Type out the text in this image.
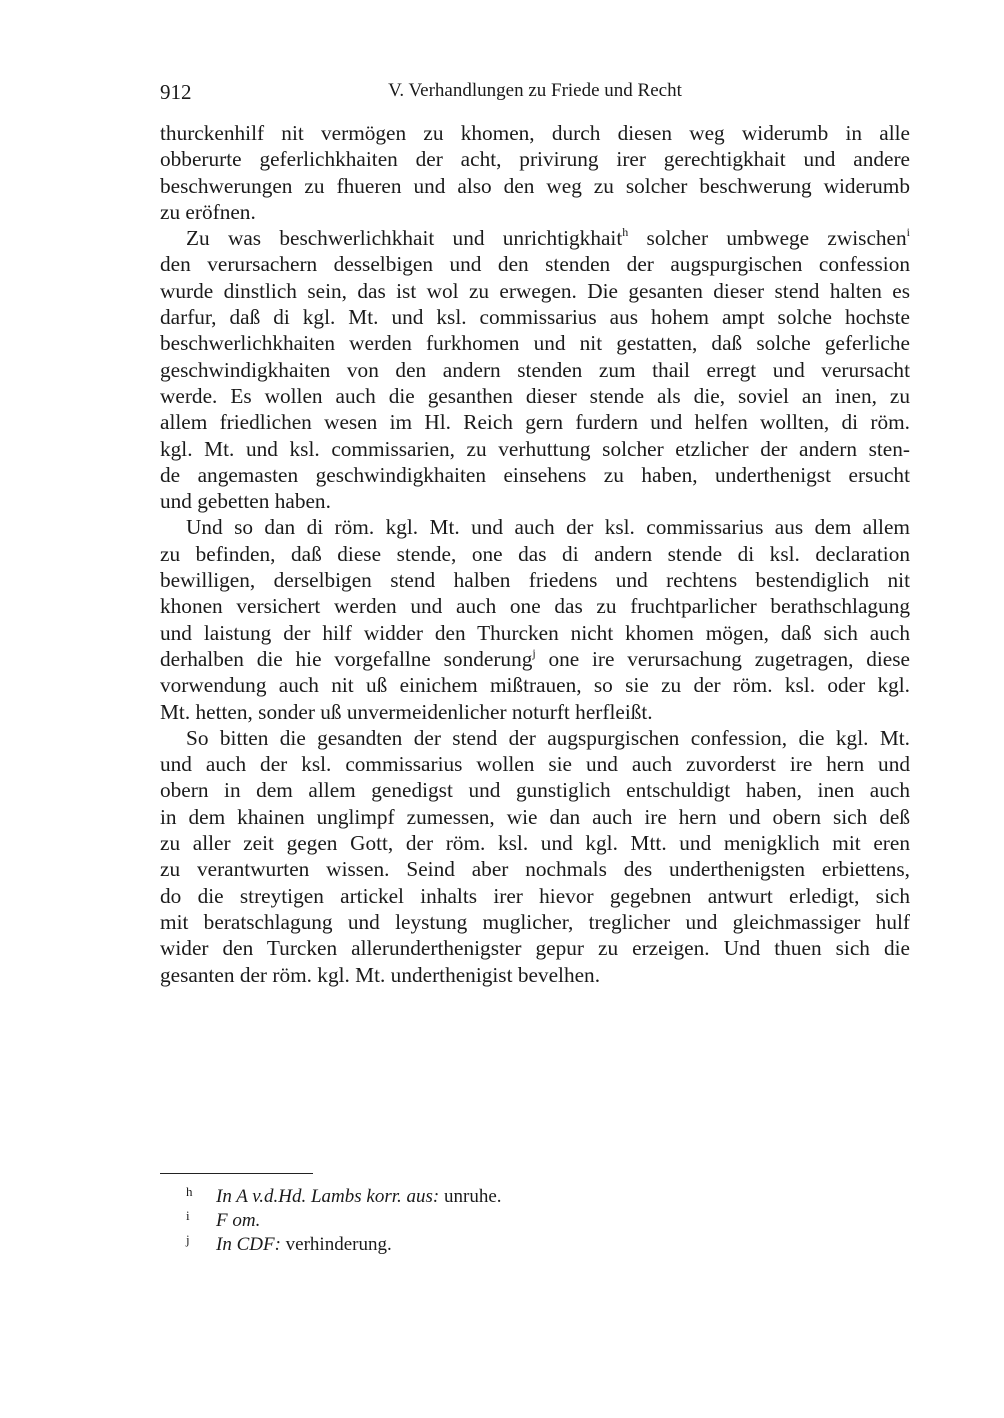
912	V. Verhandlungen zu Friede und Recht
thurckenhilf nit vermögen zu khomen, durch diesen weg widerumb in alle
obberurte geferlichkhaiten der acht, privirung irer gerechtigkhait und andere
beschwerungen zu fhueren und also den weg zu solcher beschwerung widerumb
zu eröfnen.
Zu was beschwerlichkhait und unrichtigkhait$^h$ solcher umbwege zwischen$^i$
den verursachern desselbigen und den stenden der augspurgischen confession
wurde dinstlich sein, das ist wol zu erwegen. Die gesanten dieser stend halten es
darfur, daß di kgl. Mt. und ksl. commissarius aus hohem ampt solche hochste
beschwerlichkhaiten werden furkhomen und nit gestatten, daß solche geferliche
geschwindigkhaiten von den andern stenden zum thail erregt und verursacht
werde. Es wollen auch die gesanthen dieser stende als die, soviel an inen, zu
allem friedlichen wesen im Hl. Reich gern furdern und helfen wollten, di röm.
kgl. Mt. und ksl. commissarien, zu verhuttung solcher etzlicher der andern sten-
de angemasten geschwindigkhaiten einsehens zu haben, underthenigst ersucht
und gebetten haben.
Und so dan di röm. kgl. Mt. und auch der ksl. commissarius aus dem allem
zu befinden, daß diese stende, one das di andern stende di ksl. declaration
bewilligen, derselbigen stend halben friedens und rechtens bestendiglich nit
khonen versichert werden und auch one das zu fruchtparlicher berathschlagung
und laistung der hilf widder den Thurcken nicht khomen mögen, daß sich auch
derhalben die hie vorgefallne sonderung$^j$ one ire verursachung zugetragen, diese
vorwendung auch nit uß einichem mißtrauen, so sie zu der röm. ksl. oder kgl.
Mt. hetten, sonder uß unvermeidenlicher noturft herfleißt.
So bitten die gesandten der stend der augspurgischen confession, die kgl. Mt.
und auch der ksl. commissarius wollen sie und auch zuvorderst ire hern und
obern in dem allem genedigst und gunstiglich entschuldigt haben, inen auch
in dem khainen unglimpf zumessen, wie dan auch ire hern und obern sich deß
zu aller zeit gegen Gott, der röm. ksl. und kgl. Mtt. und menigklich mit eren
zu verantwurten wissen. Seind aber nochmals des underthenigsten erbiettens,
do die streytigen artickel inhalts irer hievor gegebnen antwurt erledigt, sich
mit beratschlagung und leystung muglicher, treglicher und gleichmassiger hulf
wider den Turcken allerunderthenigster gepur zu erzeigen. Und thuen sich die
gesanten der röm. kgl. Mt. underthenigist bevelhen.
h In A v.d.Hd. Lambs korr. aus: unruhe.
i F om.
j In CDF: verhinderung.
